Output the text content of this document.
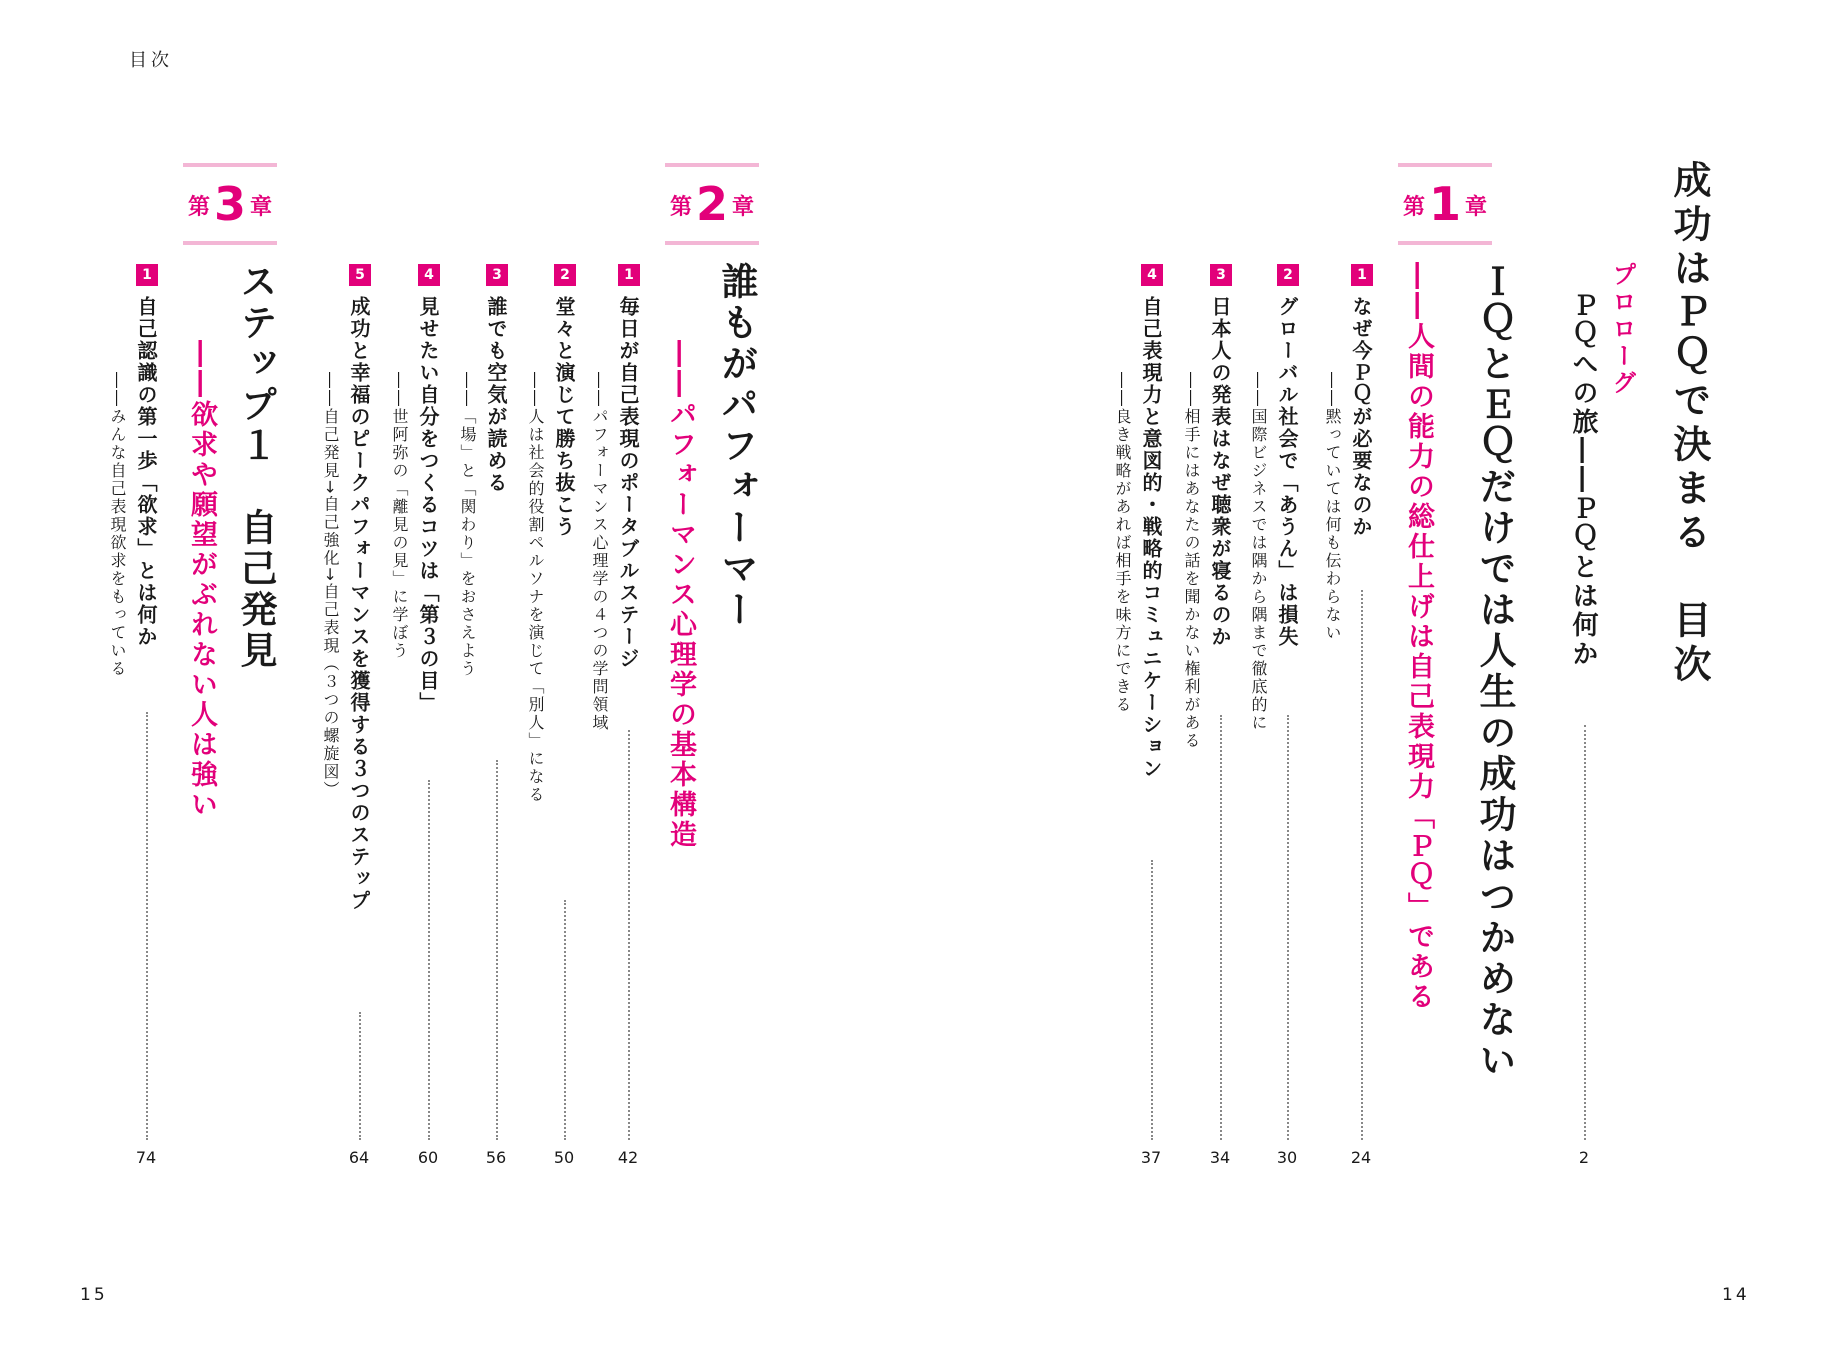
目次
15	14
成功はＰＱで決まる　目次
プロローグ
ＰＱへの旅――ＰＱとは何か
2
第1 章
ＩＱとＥＱだけでは人生の成功はつかめない
――人間の能力の総仕上げは自己表現力「ＰＱ」である
1
なぜ今ＰＱが必要なのか
――黙っていては何も伝わらない
24
2
グローバル社会で「あうん」は損失
――国際ビジネスでは隅から隅まで徹底的に
30
3
日本人の発表はなぜ聴衆が寝るのか
――相手にはあなたの話を聞かない権利がある
34
4
自己表現力と意図的・戦略的コミュニケーション
――良き戦略があれば相手を味方にできる
37
第2 章
誰もがパフォーマー
――パフォーマンス心理学の基本構造
1
毎日が自己表現のポータブルステージ
――パフォーマンス心理学の４つの学問領域
42
2
堂々と演じて勝ち抜こう
――人は社会的役割ペルソナを演じて「別人」になる
50
3
誰でも空気が読める
――「場」と「関わり」をおさえよう
56
4
見せたい自分をつくるコツは「第３の目」
――世阿弥の「離見の見」に学ぼう
60
5
成功と幸福のピークパフォーマンスを獲得する３つのステップ
――自己発見→自己強化→自己表現（３つの螺旋図）
64
第3 章
ステップ１　自己発見
――欲求や願望がぶれない人は強い
1
自己認識の第一歩「欲求」とは何か
――みんな自己表現欲求をもっている
74
